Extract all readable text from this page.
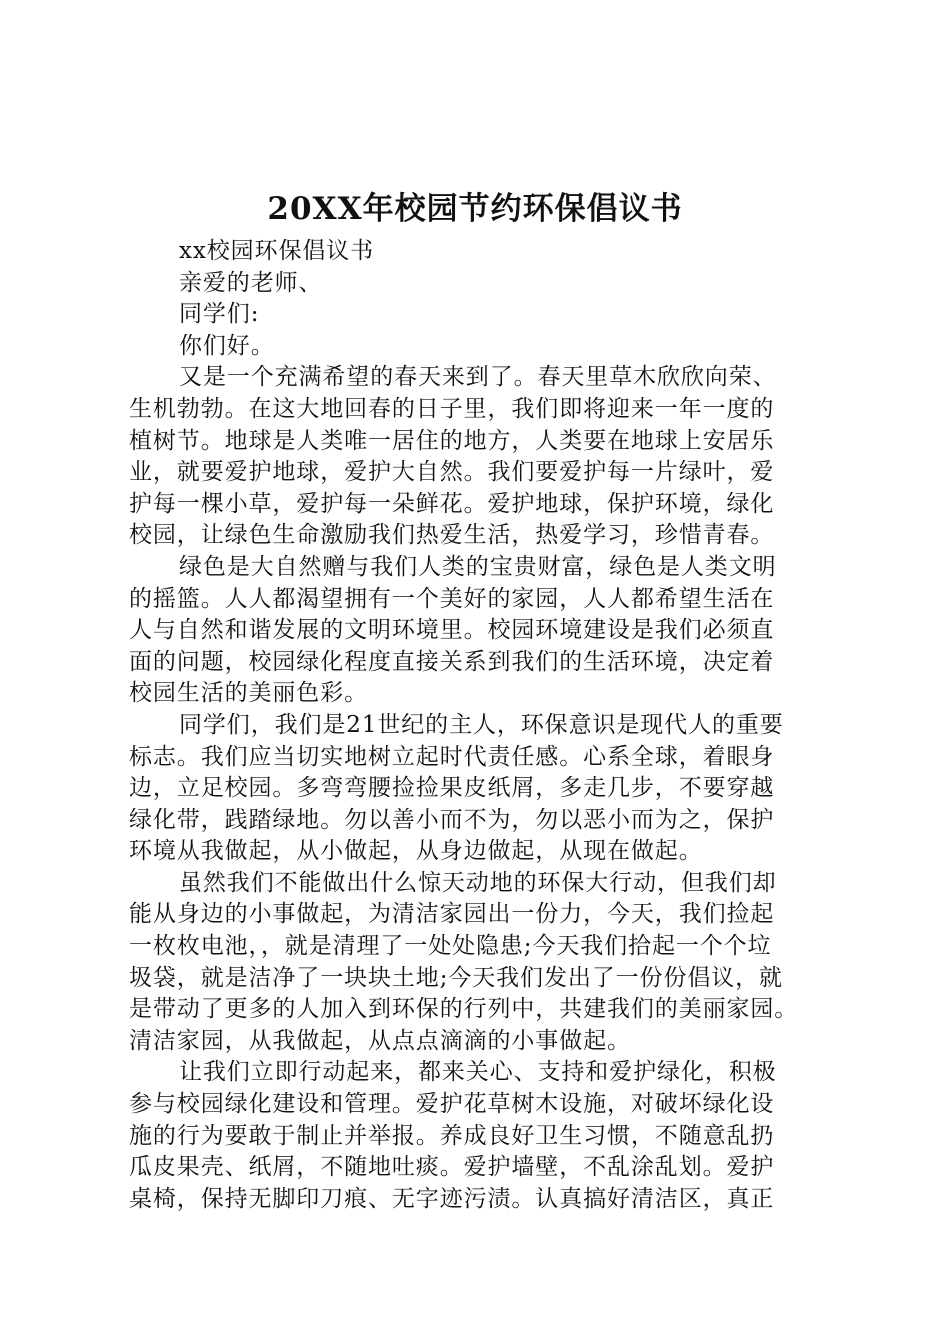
20XX年校园节约环保倡议书
xx校园环保倡议书
亲爱的老师、
同学们:
你们好。
又是一个充满希望的春天来到了。春天里草木欣欣向荣、
生机勃勃。在这大地回春的日子里，我们即将迎来一年一度的
植树节。地球是人类唯一居住的地方，人类要在地球上安居乐
业，就要爱护地球，爱护大自然。我们要爱护每一片绿叶，爱
护每一棵小草，爱护每一朵鲜花。爱护地球，保护环境，绿化
校园，让绿色生命激励我们热爱生活，热爱学习，珍惜青春。
绿色是大自然赠与我们人类的宝贵财富，绿色是人类文明
的摇篮。人人都渴望拥有一个美好的家园，人人都希望生活在
人与自然和谐发展的文明环境里。校园环境建设是我们必须直
面的问题，校园绿化程度直接关系到我们的生活环境，决定着
校园生活的美丽色彩。
同学们，我们是21世纪的主人，环保意识是现代人的重要
标志。我们应当切实地树立起时代责任感。心系全球，着眼身
边，立足校园。多弯弯腰捡捡果皮纸屑，多走几步，不要穿越
绿化带，践踏绿地。勿以善小而不为，勿以恶小而为之，保护
环境从我做起，从小做起，从身边做起，从现在做起。
虽然我们不能做出什么惊天动地的环保大行动，但我们却
能从身边的小事做起，为清洁家园出一份力，今天，我们捡起
一枚枚电池，，就是清理了一处处隐患;今天我们拾起一个个垃
圾袋，就是洁净了一块块土地;今天我们发出了一份份倡议，就
是带动了更多的人加入到环保的行列中，共建我们的美丽家园。
清洁家园，从我做起，从点点滴滴的小事做起。
让我们立即行动起来，都来关心、支持和爱护绿化，积极
参与校园绿化建设和管理。爱护花草树木设施，对破坏绿化设
施的行为要敢于制止并举报。养成良好卫生习惯，不随意乱扔
瓜皮果壳、纸屑，不随地吐痰。爱护墙壁，不乱涂乱划。爱护
桌椅，保持无脚印刀痕、无字迹污渍。认真搞好清洁区，真正
